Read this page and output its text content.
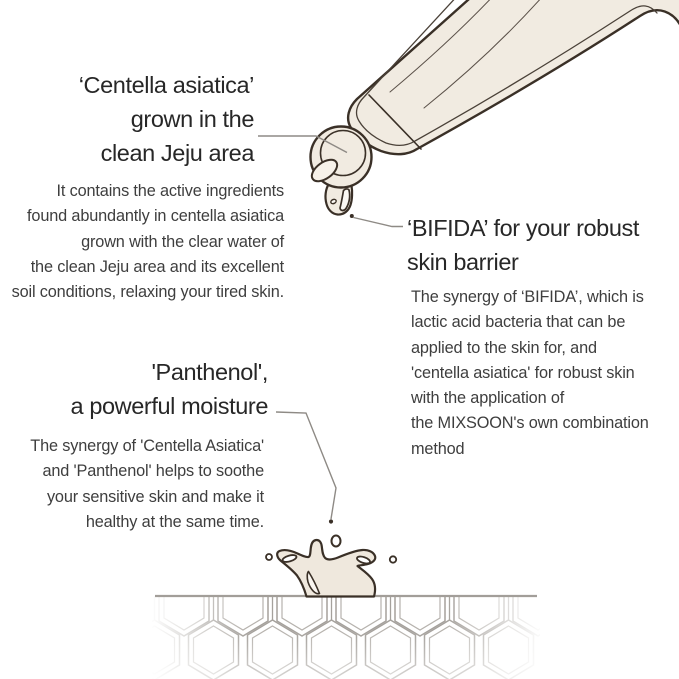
‘Centella asiatica’
grown in the
clean Jeju area
It contains the active ingredients
found abundantly in centella asiatica
grown with the clear water of
the clean Jeju area and its excellent
soil conditions, relaxing your tired skin.
‘BIFIDA’ for your robust
skin barrier
The synergy of ‘BIFIDA’, which is
lactic acid bacteria that can be
applied to the skin for, and
'centella asiatica' for robust skin
with the application of
the MIXSOON's own combination
method
'Panthenol',
a powerful moisture
The synergy of 'Centella Asiatica'
and 'Panthenol' helps to soothe
your sensitive skin and make it
healthy at the same time.
